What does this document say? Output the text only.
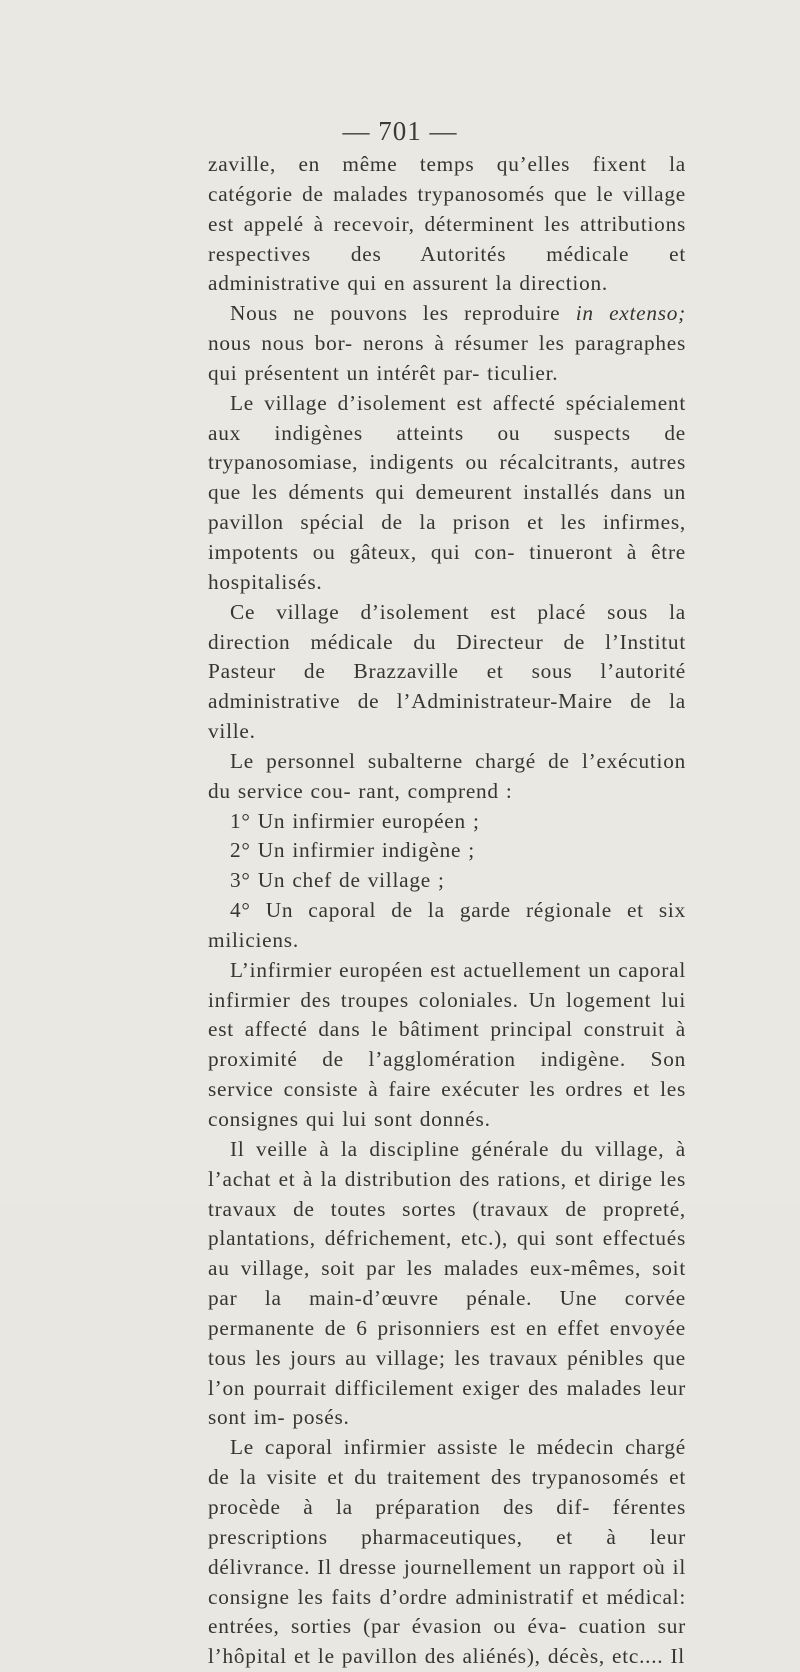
— 701 —

zaville, en même temps qu’elles fixent la catégorie de malades trypanosomés que le village est appelé à recevoir, déterminent les attributions respectives des Autorités médicale et administrative qui en assurent la direction.

Nous ne pouvons les reproduire in extenso; nous nous bor- nerons à résumer les paragraphes qui présentent un intérêt par- ticulier.

Le village d’isolement est affecté spécialement aux indigènes atteints ou suspects de trypanosomiase, indigents ou récalcitrants, autres que les déments qui demeurent installés dans un pavillon spécial de la prison et les infirmes, impotents ou gâteux, qui con- tinueront à être hospitalisés.

Ce village d’isolement est placé sous la direction médicale du Directeur de l’Institut Pasteur de Brazzaville et sous l’autorité administrative de l’Administrateur-Maire de la ville.

Le personnel subalterne chargé de l’exécution du service cou- rant, comprend :

1° Un infirmier européen ;

2° Un infirmier indigène ;

3° Un chef de village ;

4° Un caporal de la garde régionale et six miliciens.

L’infirmier européen est actuellement un caporal infirmier des troupes coloniales. Un logement lui est affecté dans le bâtiment principal construit à proximité de l’agglomération indigène. Son service consiste à faire exécuter les ordres et les consignes qui lui sont donnés.

Il veille à la discipline générale du village, à l’achat et à la distribution des rations, et dirige les travaux de toutes sortes (travaux de propreté, plantations, défrichement, etc.), qui sont effectués au village, soit par les malades eux-mêmes, soit par la main-d’œuvre pénale. Une corvée permanente de 6 prisonniers est en effet envoyée tous les jours au village; les travaux pénibles que l’on pourrait difficilement exiger des malades leur sont im- posés.

Le caporal infirmier assiste le médecin chargé de la visite et du traitement des trypanosomés et procède à la préparation des dif- férentes prescriptions pharmaceutiques, et à leur délivrance. Il dresse journellement un rapport où il consigne les faits d’ordre administratif et médical: entrées, sorties (par évasion ou éva- cuation sur l’hôpital et le pavillon des aliénés), décès, etc.... Il
